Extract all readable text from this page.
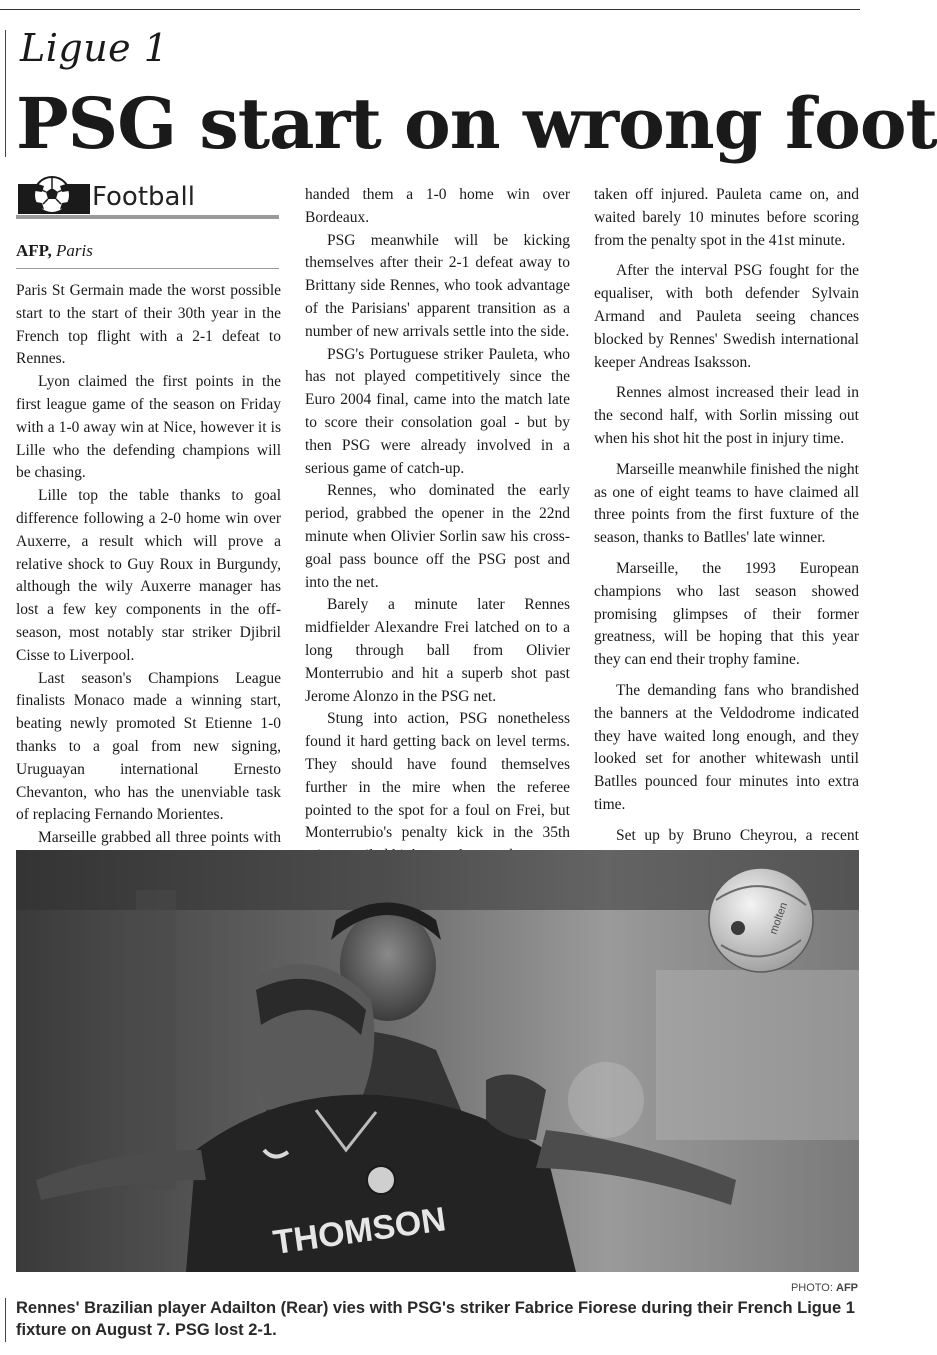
Ligue 1
PSG start on wrong foot
Football
AFP, Paris

Paris St Germain made the worst possible start to the start of their 30th year in the French top flight with a 2-1 defeat to Rennes.

Lyon claimed the first points in the first league game of the season on Friday with a 1-0 away win at Nice, however it is Lille who the defending champions will be chasing.

Lille top the table thanks to goal difference following a 2-0 home win over Auxerre, a result which will prove a relative shock to Guy Roux in Burgundy, although the wily Auxerre manager has lost a few key components in the off-season, most notably star striker Djibril Cisse to Liverpool.

Last season's Champions League finalists Monaco made a winning start, beating newly promoted St Etienne 1-0 thanks to a goal from new signing, Uruguayan international Ernesto Chevanton, who has the unenviable task of replacing Fernando Morientes.

Marseille grabbed all three points with

handed them a 1-0 home win over Bordeaux.

PSG meanwhile will be kicking themselves after their 2-1 defeat away to Brittany side Rennes, who took advantage of the Parisians' apparent transition as a number of new arrivals settle into the side.

PSG's Portuguese striker Pauleta, who has not played competitively since the Euro 2004 final, came into the match late to score their consolation goal - but by then PSG were already involved in a serious game of catch-up.

Rennes, who dominated the early period, grabbed the opener in the 22nd minute when Olivier Sorlin saw his cross-goal pass bounce off the PSG post and into the net.

Barely a minute later Rennes midfielder Alexandre Frei latched on to a long through ball from Olivier Monterrubio and hit a superb shot past Jerome Alonzo in the PSG net.

Stung into action, PSG nonetheless found it hard getting back on level terms. They should have found themselves further in the mire when the referee pointed to the spot for a foul on Frei, but Monterrubio's penalty kick in the 35th

taken off injured. Pauleta came on, and waited barely 10 minutes before scoring from the penalty spot in the 41st minute.

After the interval PSG fought for the equaliser, with both defender Sylvain Armand and Pauleta seeing chances blocked by Rennes' Swedish international keeper Andreas Isaksson.

Rennes almost increased their lead in the second half, with Sorlin missing out when his shot hit the post in injury time.

Marseille meanwhile finished the night as one of eight teams to have claimed all three points from the first fuxture of the season, thanks to Batlles' late winner.

Marseille, the 1993 European champions who last season showed promising glimpses of their former greatness, will be hoping that this year they can end their trophy famine.

The demanding fans who brandished the banners at the Veldodrome indicated they have waited long enough, and they looked set for another whitewash until Batlles pounced four minutes into extra time.

Set up by Bruno Cheyrou, a recent

THOMSON
molten
PHOTO: AFP
Rennes' Brazilian player Adailton (Rear) vies with PSG's striker Fabrice Fiorese during their French Ligue 1 fixture on August 7. PSG lost 2-1.
